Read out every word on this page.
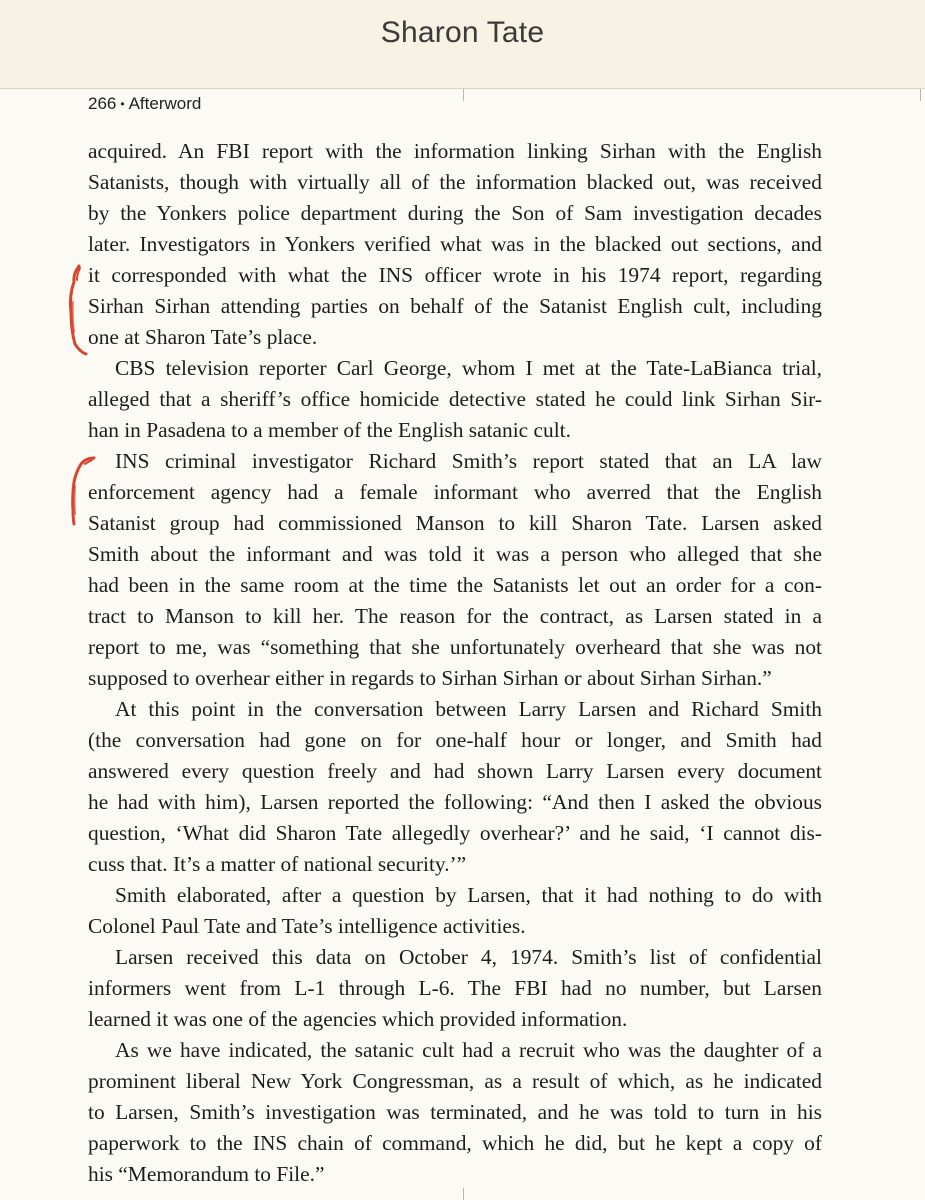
Sharon Tate
266 • Afterword
acquired. An FBI report with the information linking Sirhan with the English
Satanists, though with virtually all of the information blacked out, was received
by the Yonkers police department during the Son of Sam investigation decades
later. Investigators in Yonkers verified what was in the blacked out sections, and
it corresponded with what the INS officer wrote in his 1974 report, regarding
Sirhan Sirhan attending parties on behalf of the Satanist English cult, including
one at Sharon Tate’s place.
CBS television reporter Carl George, whom I met at the Tate-LaBianca trial,
alleged that a sheriff’s office homicide detective stated he could link Sirhan Sir-
han in Pasadena to a member of the English satanic cult.
INS criminal investigator Richard Smith’s report stated that an LA law
enforcement agency had a female informant who averred that the English
Satanist group had commissioned Manson to kill Sharon Tate. Larsen asked
Smith about the informant and was told it was a person who alleged that she
had been in the same room at the time the Satanists let out an order for a con-
tract to Manson to kill her. The reason for the contract, as Larsen stated in a
report to me, was “something that she unfortunately overheard that she was not
supposed to overhear either in regards to Sirhan Sirhan or about Sirhan Sirhan.”
At this point in the conversation between Larry Larsen and Richard Smith
(the conversation had gone on for one-half hour or longer, and Smith had
answered every question freely and had shown Larry Larsen every document
he had with him), Larsen reported the following: “And then I asked the obvious
question, ‘What did Sharon Tate allegedly overhear?’ and he said, ‘I cannot dis-
cuss that. It’s a matter of national security.’”
Smith elaborated, after a question by Larsen, that it had nothing to do with
Colonel Paul Tate and Tate’s intelligence activities.
Larsen received this data on October 4, 1974. Smith’s list of confidential
informers went from L-1 through L-6. The FBI had no number, but Larsen
learned it was one of the agencies which provided information.
As we have indicated, the satanic cult had a recruit who was the daughter of a
prominent liberal New York Congressman, as a result of which, as he indicated
to Larsen, Smith’s investigation was terminated, and he was told to turn in his
paperwork to the INS chain of command, which he did, but he kept a copy of
his “Memorandum to File.”
